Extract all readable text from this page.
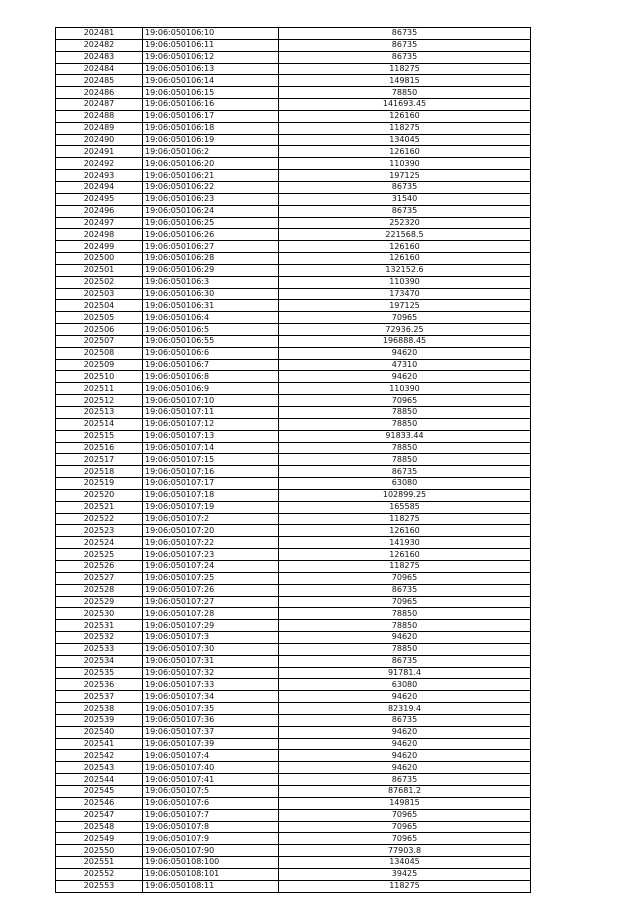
202481	19:06:050106:10	86735
202482	19:06:050106:11	86735
202483	19:06:050106:12	86735
202484	19:06:050106:13	118275
202485	19:06:050106:14	149815
202486	19:06:050106:15	78850
202487	19:06:050106:16	141693.45
202488	19:06:050106:17	126160
202489	19:06:050106:18	118275
202490	19:06:050106:19	134045
202491	19:06:050106:2	126160
202492	19:06:050106:20	110390
202493	19:06:050106:21	197125
202494	19:06:050106:22	86735
202495	19:06:050106:23	31540
202496	19:06:050106:24	86735
202497	19:06:050106:25	252320
202498	19:06:050106:26	221568.5
202499	19:06:050106:27	126160
202500	19:06:050106:28	126160
202501	19:06:050106:29	132152.6
202502	19:06:050106:3	110390
202503	19:06:050106:30	173470
202504	19:06:050106:31	197125
202505	19:06:050106:4	70965
202506	19:06:050106:5	72936.25
202507	19:06:050106:55	196888.45
202508	19:06:050106:6	94620
202509	19:06:050106:7	47310
202510	19:06:050106:8	94620
202511	19:06:050106:9	110390
202512	19:06:050107:10	70965
202513	19:06:050107:11	78850
202514	19:06:050107:12	78850
202515	19:06:050107:13	91833.44
202516	19:06:050107:14	78850
202517	19:06:050107:15	78850
202518	19:06:050107:16	86735
202519	19:06:050107:17	63080
202520	19:06:050107:18	102899.25
202521	19:06:050107:19	165585
202522	19:06:050107:2	118275
202523	19:06:050107:20	126160
202524	19:06:050107:22	141930
202525	19:06:050107:23	126160
202526	19:06:050107:24	118275
202527	19:06:050107:25	70965
202528	19:06:050107:26	86735
202529	19:06:050107:27	70965
202530	19:06:050107:28	78850
202531	19:06:050107:29	78850
202532	19:06:050107:3	94620
202533	19:06:050107:30	78850
202534	19:06:050107:31	86735
202535	19:06:050107:32	91781.4
202536	19:06:050107:33	63080
202537	19:06:050107:34	94620
202538	19:06:050107:35	82319.4
202539	19:06:050107:36	86735
202540	19:06:050107:37	94620
202541	19:06:050107:39	94620
202542	19:06:050107:4	94620
202543	19:06:050107:40	94620
202544	19:06:050107:41	86735
202545	19:06:050107:5	87681.2
202546	19:06:050107:6	149815
202547	19:06:050107:7	70965
202548	19:06:050107:8	70965
202549	19:06:050107:9	70965
202550	19:06:050107:90	77903.8
202551	19:06:050108:100	134045
202552	19:06:050108:101	39425
202553	19:06:050108:11	118275
